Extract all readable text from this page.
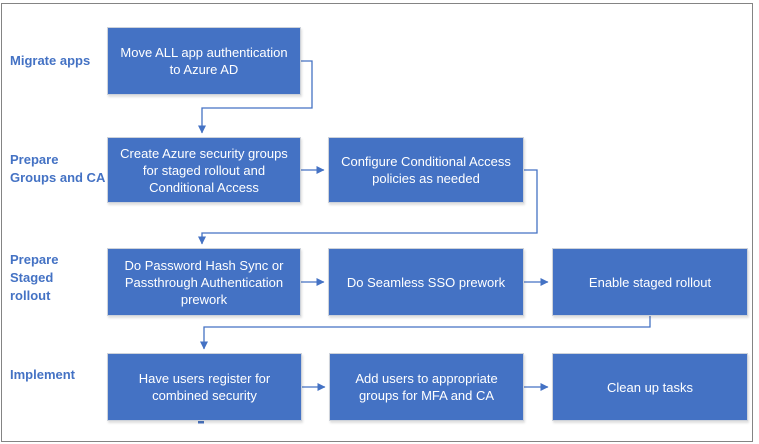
Migrate apps
Prepare
Groups and CA
Prepare
Staged
rollout
Implement
Move ALL app authentication to Azure AD
Create Azure security groups for staged rollout and Conditional Access
Configure Conditional Access policies as needed
Do Password Hash Sync or Passthrough Authentication prework
Do Seamless SSO prework	Enable staged rollout
Have users register for combined security
Add users to appropriate groups for MFA and CA
Clean up tasks
